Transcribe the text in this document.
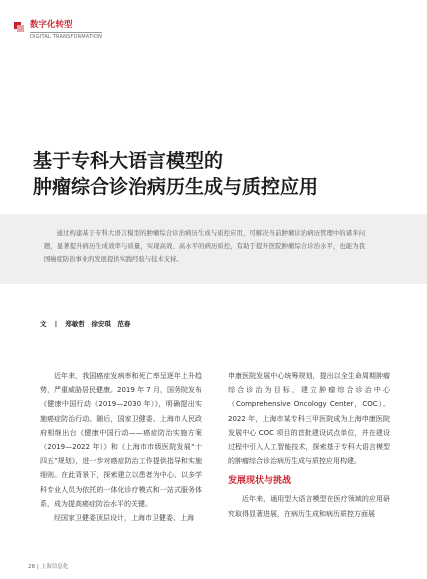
数字化转型
DIGITAL TRANSFORMATION
基于专科大语言模型的
肿瘤综合诊治病历生成与质控应用

通过构建基于专科大语言模型的肿瘤综合诊治病历生成与质控应用，可解决当前肿瘤诊治病历管理中的诸多问题，显著提升病历生成效率与质量，实现高效、高水平的病历质控，有助于提升医院肿瘤综合诊治水平，也能为我国癌症防治事业的发展提供实践经验与技术支持。

文 | 郑敏哲　徐安琪　范春

近年来，我国癌症发病率和死亡率呈逐年上升趋势，严重威胁居民健康。2019 年 7 月，国务院发布《健康中国行动（2019—2030 年）》，明确提出实施癌症防治行动。随后，国家卫健委、上海市人民政府相继出台《健康中国行动——癌症防治实施方案（2019—2022 年）》和《上海市市级医院发展“十四五”规划》，进一步对癌症防治工作提供指导和实施细则。在此背景下，探索建立以患者为中心、以多学科专业人员为依托的一体化诊疗模式和一站式服务体系，成为提高癌症防治水平的关键。

经国家卫健委顶层设计，上海市卫健委、上海

申康医院发展中心统筹规划，提出以全生命周期肿瘤综合诊治为目标，建立肿瘤综合诊治中心（Comprehensive Oncology Center，COC）。2022 年，上海市某专科三甲医院成为上海申康医院发展中心 COC 项目的首批建设试点单位，并在建设过程中引入人工智能技术，探索基于专科大语言模型的肿瘤综合诊治病历生成与质控应用构建。

发展现状与挑战

近年来，通用型大语言模型在医疗领域的应用研究取得显著进展，在病历生成和病历质控方面展

28 | 上海信息化
